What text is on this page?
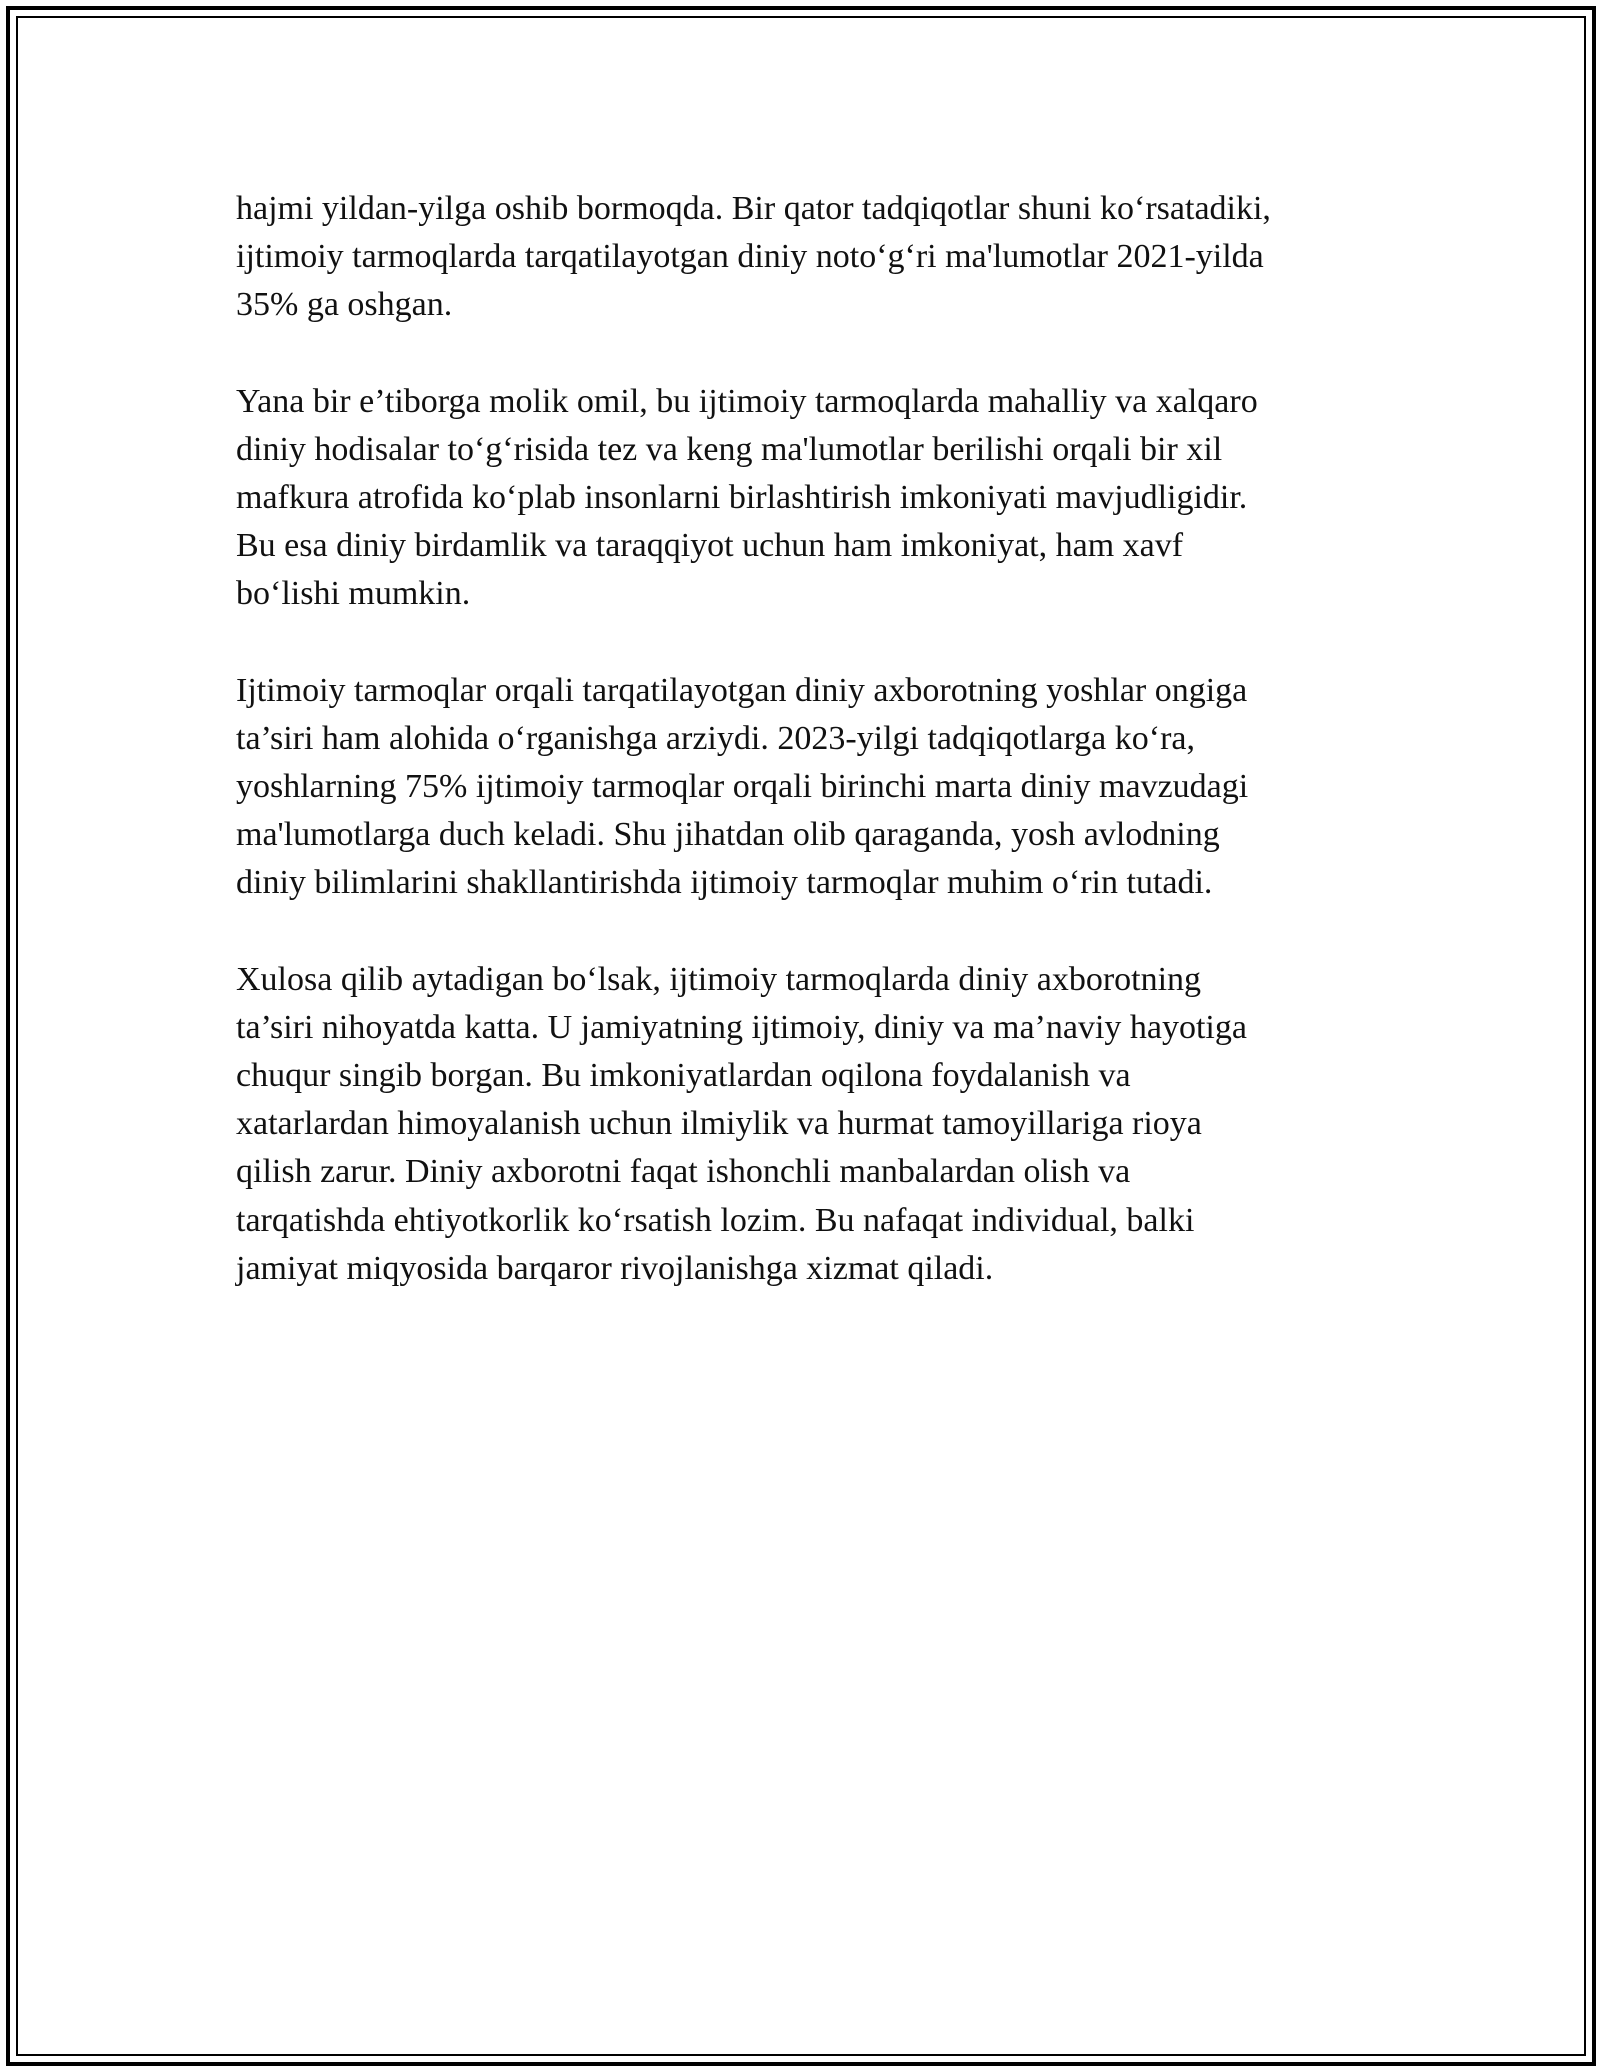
hajmi yildan-yilga oshib bormoqda. Bir qator tadqiqotlar shuni koʻrsatadiki,
ijtimoiy tarmoqlarda tarqatilayotgan diniy notoʻgʻri ma'lumotlar 2021-yilda
35% ga oshgan.

Yana bir e’tiborga molik omil, bu ijtimoiy tarmoqlarda mahalliy va xalqaro
diniy hodisalar toʻgʻrisida tez va keng ma'lumotlar berilishi orqali bir xil
mafkura atrofida koʻplab insonlarni birlashtirish imkoniyati mavjudligidir.
Bu esa diniy birdamlik va taraqqiyot uchun ham imkoniyat, ham xavf
boʻlishi mumkin.

Ijtimoiy tarmoqlar orqali tarqatilayotgan diniy axborotning yoshlar ongiga
ta’siri ham alohida oʻrganishga arziydi. 2023-yilgi tadqiqotlarga koʻra,
yoshlarning 75% ijtimoiy tarmoqlar orqali birinchi marta diniy mavzudagi
ma'lumotlarga duch keladi. Shu jihatdan olib qaraganda, yosh avlodning
diniy bilimlarini shakllantirishda ijtimoiy tarmoqlar muhim oʻrin tutadi.

Xulosa qilib aytadigan boʻlsak, ijtimoiy tarmoqlarda diniy axborotning
ta’siri nihoyatda katta. U jamiyatning ijtimoiy, diniy va ma’naviy hayotiga
chuqur singib borgan. Bu imkoniyatlardan oqilona foydalanish va
xatarlardan himoyalanish uchun ilmiylik va hurmat tamoyillariga rioya
qilish zarur. Diniy axborotni faqat ishonchli manbalardan olish va
tarqatishda ehtiyotkorlik koʻrsatish lozim. Bu nafaqat individual, balki
jamiyat miqyosida barqaror rivojlanishga xizmat qiladi.
